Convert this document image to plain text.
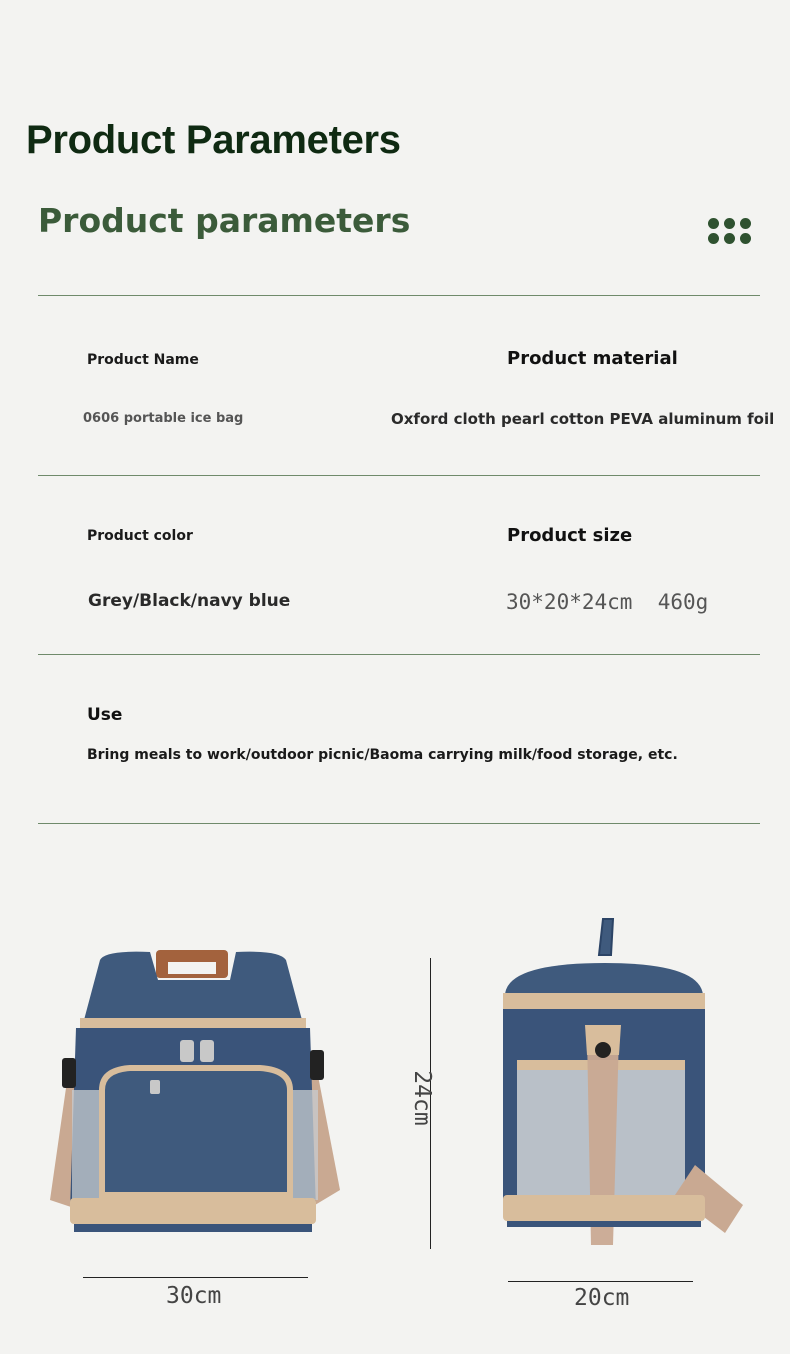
Product Parameters
Product parameters
Product Name
0606 portable ice bag
Product material
Oxford cloth pearl cotton PEVA aluminum foil
Product color
Grey/Black/navy blue
Product size
30*20*24cm  460g
Use
Bring meals to work/outdoor picnic/Baoma carrying milk/food storage, etc.
30cm
24cm
20cm
